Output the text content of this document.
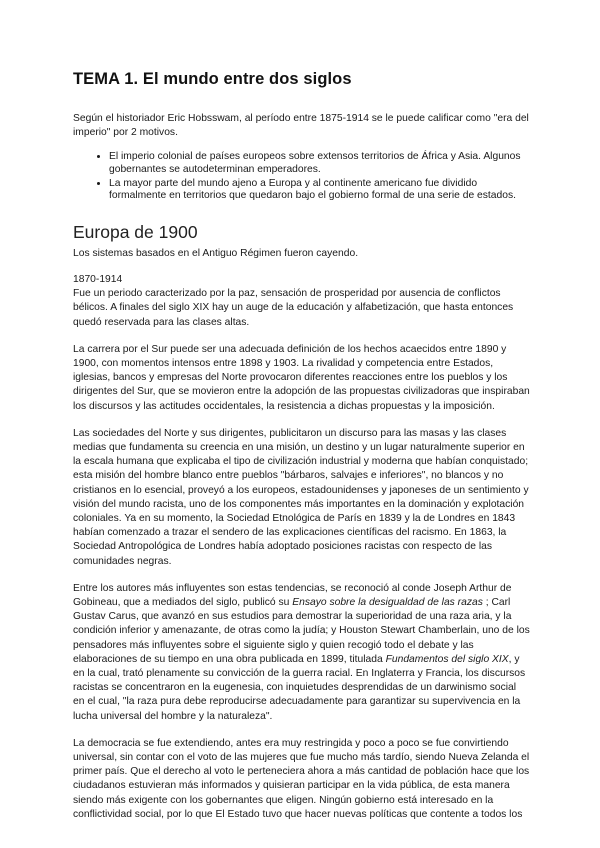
TEMA 1. El mundo entre dos siglos

Según el historiador Eric Hobsswam, al período entre 1875-1914 se le puede calificar como "era del imperio" por 2 motivos.

• El imperio colonial de países europeos sobre extensos territorios de África y Asia. Algunos gobernantes se autodeterminan emperadores.
• La mayor parte del mundo ajeno a Europa y al continente americano fue dividido formalmente en territorios que quedaron bajo el gobierno formal de una serie de estados.
Europa de 1900

Los sistemas basados en el Antiguo Régimen fueron cayendo.

1870-1914

Fue un periodo caracterizado por la paz, sensación de prosperidad por ausencia de conflictos bélicos. A finales del siglo XIX hay un auge de la educación y alfabetización, que hasta entonces quedó reservada para las clases altas.

La carrera por el Sur puede ser una adecuada definición de los hechos acaecidos entre 1890 y 1900, con momentos intensos entre 1898 y 1903. La rivalidad y competencia entre Estados, iglesias, bancos y empresas del Norte provocaron diferentes reacciones entre los pueblos y los dirigentes del Sur, que se movieron entre la adopción de las propuestas civilizadoras que inspiraban los discursos y las actitudes occidentales, la resistencia a dichas propuestas y la imposición.

Las sociedades del Norte y sus dirigentes, publicitaron un discurso para las masas y las clases medias que fundamenta su creencia en una misión, un destino y un lugar naturalmente superior en la escala humana que explicaba el tipo de civilización industrial y moderna que habían conquistado; esta misión del hombre blanco entre pueblos "bárbaros, salvajes e inferiores", no blancos y no cristianos en lo esencial, proveyó a los europeos, estadounidenses y japoneses de un sentimiento y visión del mundo racista, uno de los componentes más importantes en la dominación y explotación coloniales. Ya en su momento, la Sociedad Etnológica de París en 1839 y la de Londres en 1843 habían comenzado a trazar el sendero de las explicaciones científicas del racismo. En 1863, la Sociedad Antropológica de Londres había adoptado posiciones racistas con respecto de las comunidades negras.

Entre los autores más influyentes son estas tendencias, se reconoció al conde Joseph Arthur de Gobineau, que a mediados del siglo, publicó su Ensayo sobre la desigualdad de las razas ; Carl Gustav Carus, que avanzó en sus estudios para demostrar la superioridad de una raza aria, y la condición inferior y amenazante, de otras como la judía; y Houston Stewart Chamberlain, uno de los pensadores más influyentes sobre el siguiente siglo y quien recogió todo el debate y las elaboraciones de su tiempo en una obra publicada en 1899, titulada Fundamentos del siglo XIX, y en la cual, trató plenamente su convicción de la guerra racial. En Inglaterra y Francia, los discursos racistas se concentraron en la eugenesia, con inquietudes desprendidas de un darwinismo social en el cual, "la raza pura debe reproducirse adecuadamente para garantizar su supervivencia en la lucha universal del hombre y la naturaleza".

La democracia se fue extendiendo, antes era muy restringida y poco a poco se fue convirtiendo universal, sin contar con el voto de las mujeres que fue mucho más tardío, siendo Nueva Zelanda el primer país. Que el derecho al voto le perteneciera ahora a más cantidad de población hace que los ciudadanos estuvieran más informados y quisieran participar en la vida pública, de esta manera siendo más exigente con los gobernantes que eligen. Ningún gobierno está interesado en la conflictividad social, por lo que El Estado tuvo que hacer nuevas políticas que contente a todos los
